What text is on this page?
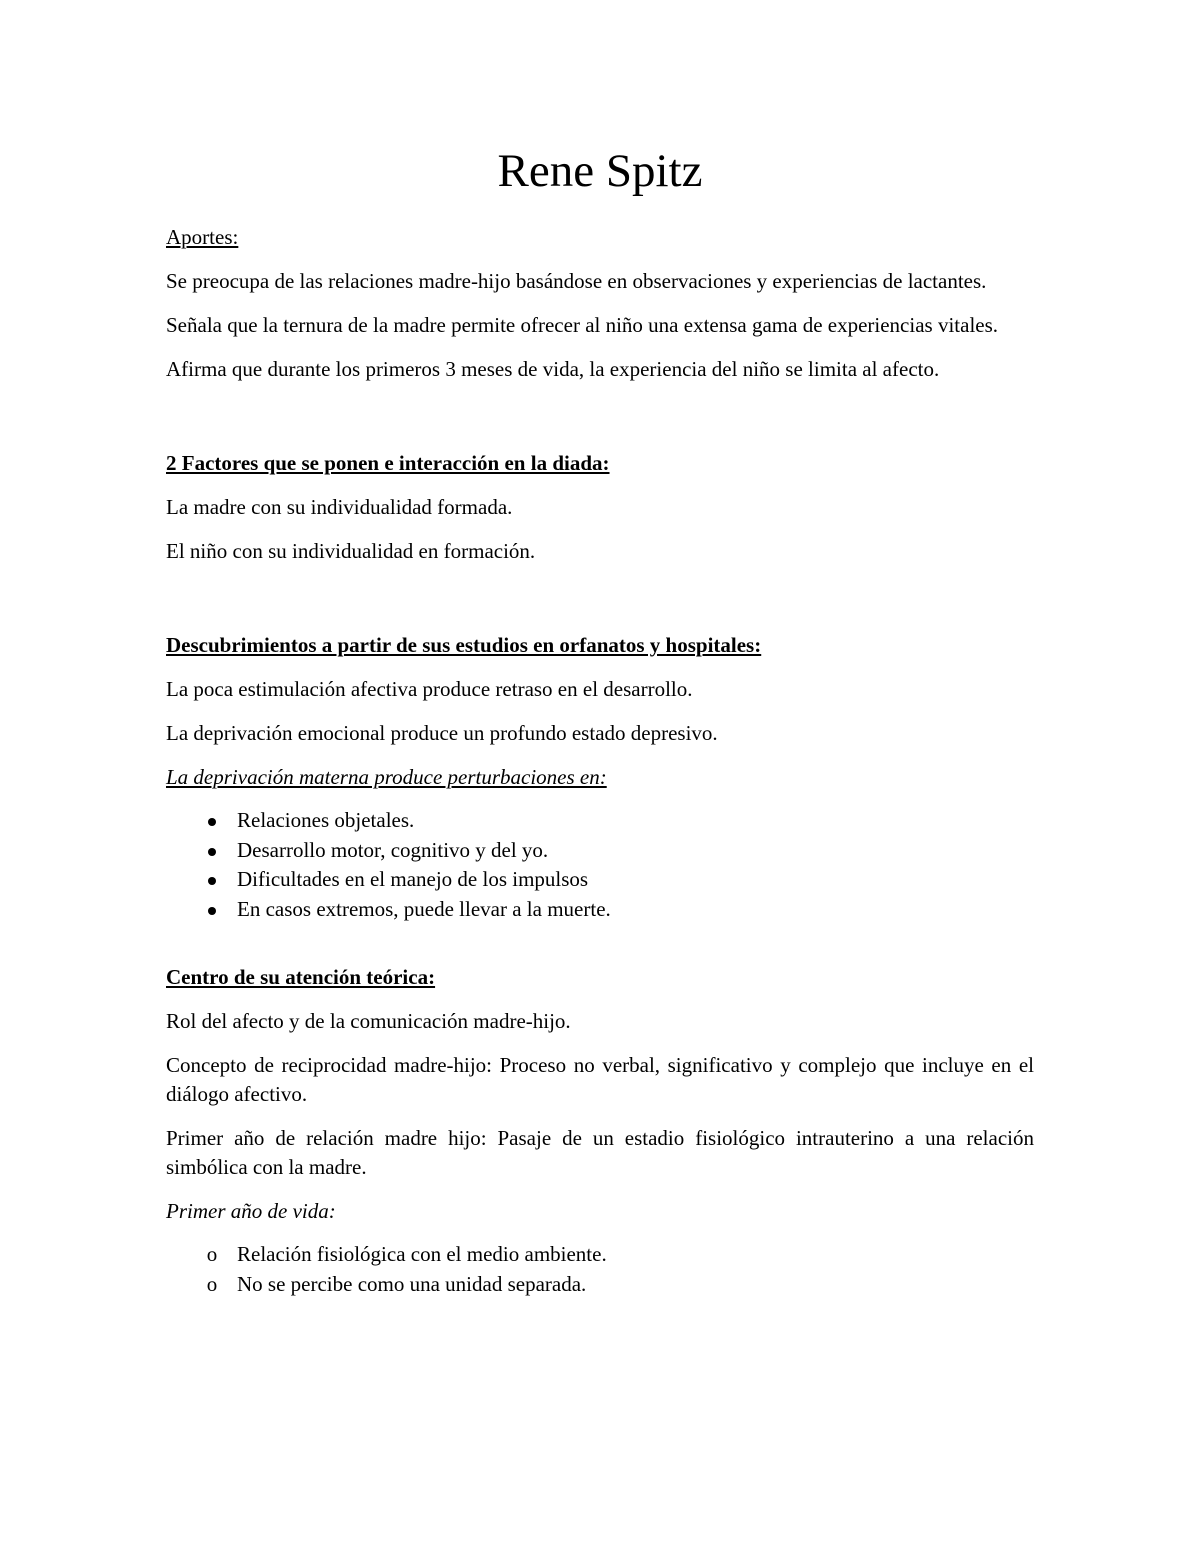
Rene Spitz
Aportes:

Se preocupa de las relaciones madre-hijo basándose en observaciones y experiencias de lactantes.

Señala que la ternura de la madre permite ofrecer al niño una extensa gama de experiencias vitales.

Afirma que durante los primeros 3 meses de vida, la experiencia del niño se limita al afecto.

2 Factores que se ponen e interacción en la diada:

La madre con su individualidad formada.

El niño con su individualidad en formación.

Descubrimientos a partir de sus estudios en orfanatos y hospitales:

La poca estimulación afectiva produce retraso en el desarrollo.

La deprivación emocional produce un profundo estado depresivo.

La deprivación materna produce perturbaciones en:

Relaciones objetales.
Desarrollo motor, cognitivo y del yo.
Dificultades en el manejo de los impulsos
En casos extremos, puede llevar a la muerte.
Centro de su atención teórica:

Rol del afecto y de la comunicación madre-hijo.

Concepto de reciprocidad madre-hijo: Proceso no verbal, significativo y complejo que incluye en el diálogo afectivo.

Primer año de relación madre hijo: Pasaje de un estadio fisiológico intrauterino a una relación simbólica con la madre.

Primer año de vida:

o Relación fisiológica con el medio ambiente.
o No se percibe como una unidad separada.
